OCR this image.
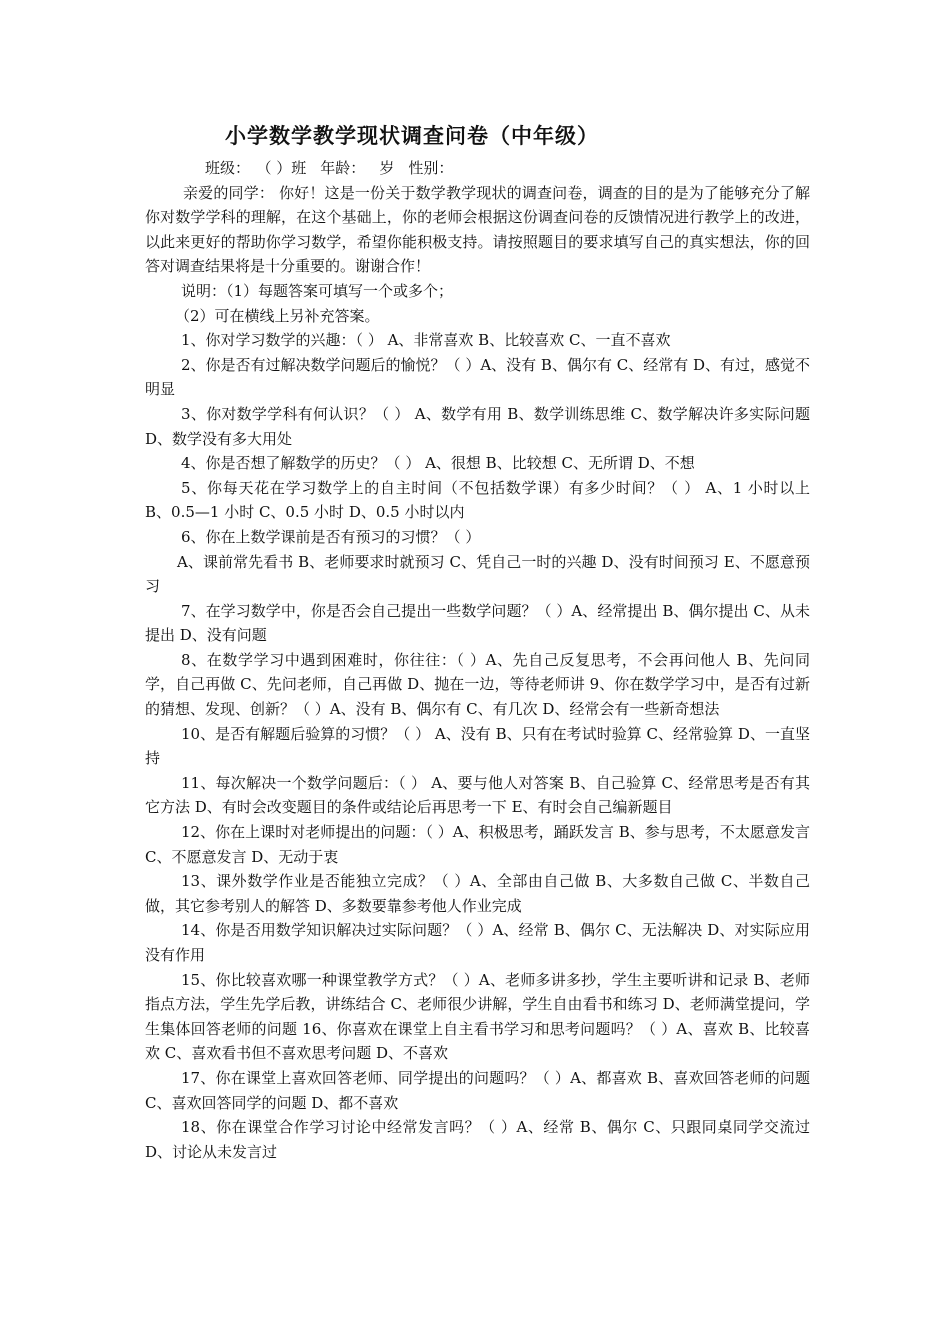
小学数学教学现状调查问卷（中年级）

班级： （ ）班 年龄： 岁 性别：

亲爱的同学： 你好！这是一份关于数学教学现状的调查问卷，调查的目的是为了能够充分了解你对数学学科的理解，在这个基础上，你的老师会根据这份调查问卷的反馈情况进行教学上的改进，以此来更好的帮助你学习数学，希望你能积极支持。请按照题目的要求填写自己的真实想法，你的回答对调查结果将是十分重要的。谢谢合作！

说明：（1）每题答案可填写一个或多个；

（2）可在横线上另补充答案。

1、你对学习数学的兴趣：（ ） A、非常喜欢 B、比较喜欢 C、一直不喜欢

2、你是否有过解决数学问题后的愉悦？（ ）A、没有 B、偶尔有 C、经常有 D、有过，感觉不明显

3、你对数学学科有何认识？（ ） A、数学有用 B、数学训练思维 C、数学解决许多实际问题 D、数学没有多大用处

4、你是否想了解数学的历史？（ ） A、很想 B、比较想 C、无所谓 D、不想

5、你每天花在学习数学上的自主时间（不包括数学课）有多少时间？（ ） A、1 小时以上 B、0.5—1 小时 C、0.5 小时 D、0.5 小时以内

6、你在上数学课前是否有预习的习惯？（ ）

A、课前常先看书 B、老师要求时就预习 C、凭自己一时的兴趣 D、没有时间预习 E、不愿意预习

7、在学习数学中，你是否会自己提出一些数学问题？（ ）A、经常提出 B、偶尔提出 C、从未提出 D、没有问题

8、在数学学习中遇到困难时，你往往：（ ）A、先自己反复思考，不会再问他人 B、先问同学，自己再做 C、先问老师，自己再做 D、抛在一边，等待老师讲 9、你在数学学习中，是否有过新的猜想、发现、创新？（ ）A、没有 B、偶尔有 C、有几次 D、经常会有一些新奇想法

10、是否有解题后验算的习惯？（ ） A、没有 B、只有在考试时验算 C、经常验算 D、一直坚持

11、每次解决一个数学问题后：（ ） A、要与他人对答案 B、自己验算 C、经常思考是否有其它方法 D、有时会改变题目的条件或结论后再思考一下 E、有时会自己编新题目

12、你在上课时对老师提出的问题：（ ）A、积极思考，踊跃发言 B、参与思考，不太愿意发言 C、不愿意发言 D、无动于衷

13、课外数学作业是否能独立完成？（ ）A、全部由自己做 B、大多数自己做 C、半数自己做，其它参考别人的解答 D、多数要靠参考他人作业完成

14、你是否用数学知识解决过实际问题？（ ）A、经常 B、偶尔 C、无法解决 D、对实际应用没有作用

15、你比较喜欢哪一种课堂教学方式？（ ）A、老师多讲多抄，学生主要听讲和记录 B、老师指点方法，学生先学后教，讲练结合 C、老师很少讲解，学生自由看书和练习 D、老师满堂提问，学生集体回答老师的问题 16、你喜欢在课堂上自主看书学习和思考问题吗？（ ）A、喜欢 B、比较喜欢 C、喜欢看书但不喜欢思考问题 D、不喜欢

17、你在课堂上喜欢回答老师、同学提出的问题吗？（ ）A、都喜欢 B、喜欢回答老师的问题 C、喜欢回答同学的问题 D、都不喜欢

18、你在课堂合作学习讨论中经常发言吗？（ ）A、经常 B、偶尔 C、只跟同桌同学交流过 D、讨论从未发言过
